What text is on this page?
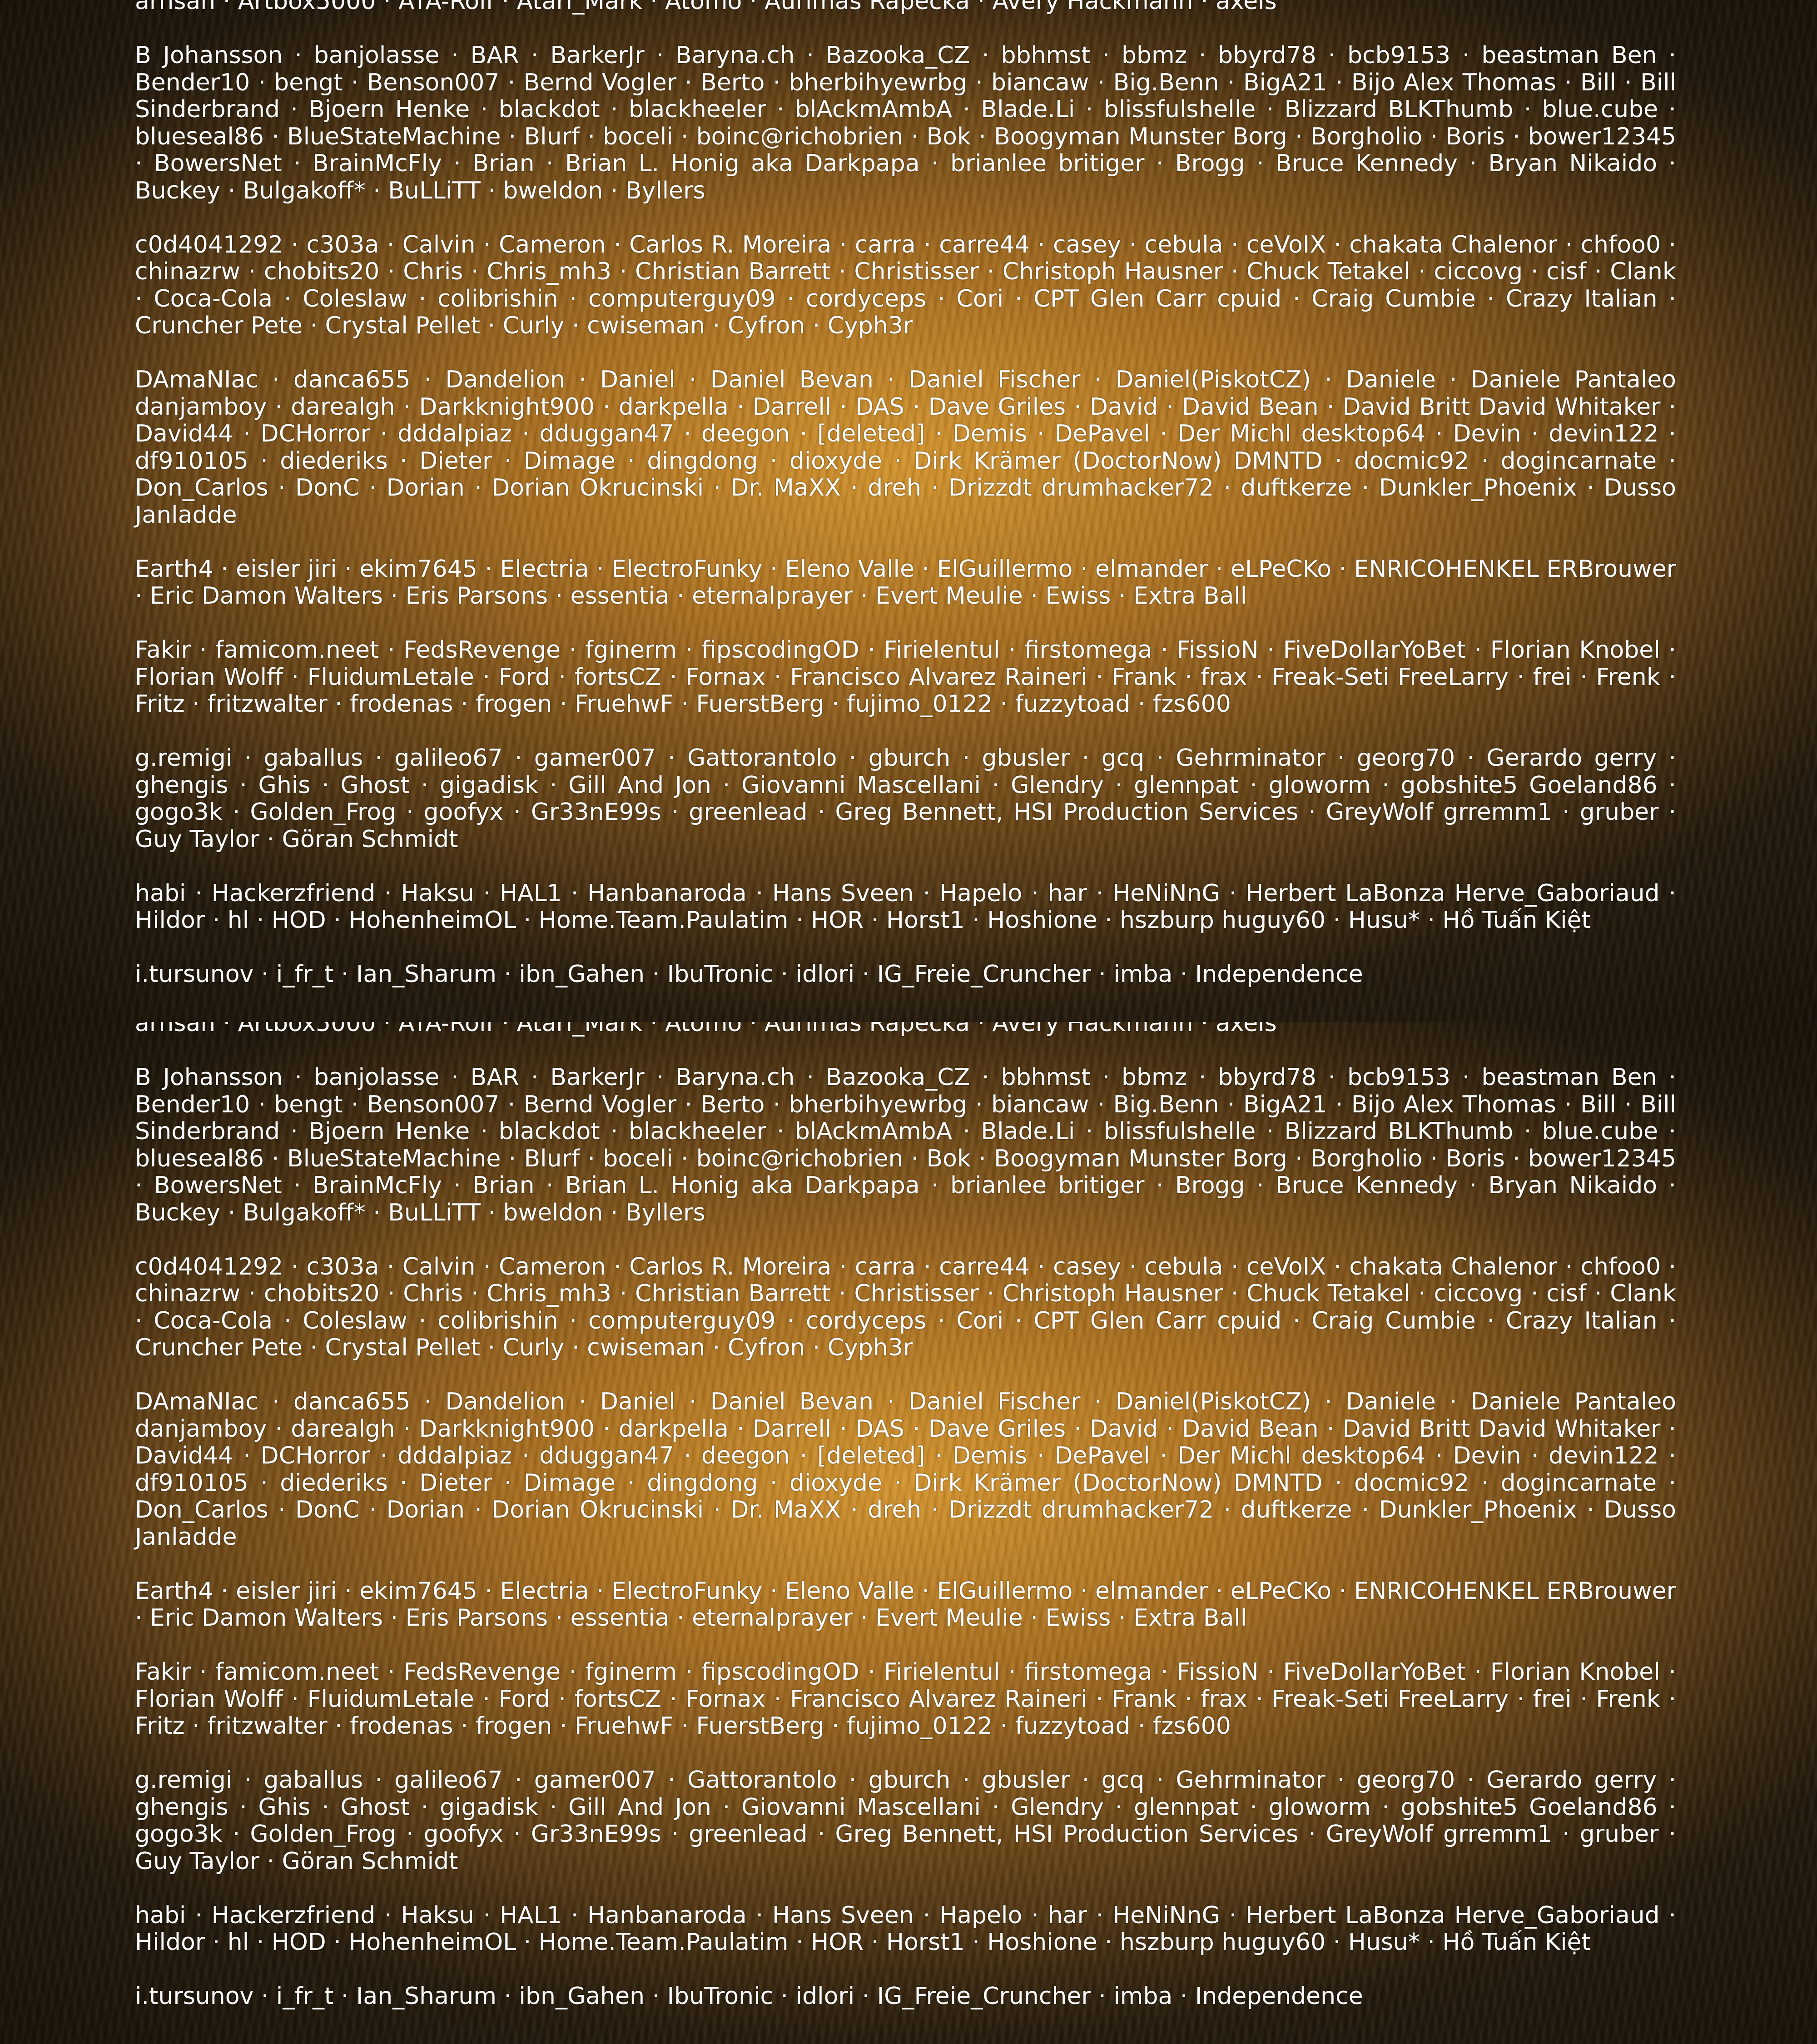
arnsan · Artbox5000 · ATA-Rolf · Atari_Mark · Atomo · Aurimas Rapecka · Avery Hackmann · axels

B Johansson · banjolasse · BAR · BarkerJr · Baryna.ch · Bazooka_CZ · bbhmst · bbmz · bbyrd78 · bcb9153 · beastman Ben · Bender10 · bengt · Benson007 · Bernd Vogler · Berto · bherbihyewrbg · biancaw · Big.Benn · BigA21 · Bijo Alex Thomas · Bill · Bill Sinderbrand · Bjoern Henke · blackdot · blackheeler · blAckmAmbA · Blade.Li · blissfulshelle · Blizzard BLKThumb · blue.cube · blueseal86 · BlueStateMachine · Blurf · boceli · boinc@richobrien · Bok · Boogyman Munster Borg · Borgholio · Boris · bower12345 · BowersNet · BrainMcFly · Brian · Brian L. Honig aka Darkpapa · brianlee britiger · Brogg · Bruce Kennedy · Bryan Nikaido · Buckey · Bulgakoff* · BuLLiTT · bweldon · Byllers

c0d4041292 · c303a · Calvin · Cameron · Carlos R. Moreira · carra · carre44 · casey · cebula · ceVoIX · chakata Chalenor · chfoo0 · chinazrw · chobits20 · Chris · Chris_mh3 · Christian Barrett · Christisser · Christoph Hausner · Chuck Tetakel · ciccovg · cisf · Clank · Coca-Cola · Coleslaw · colibrishin · computerguy09 · cordyceps · Cori · CPT Glen Carr cpuid · Craig Cumbie · Crazy Italian · Cruncher Pete · Crystal Pellet · Curly · cwiseman · Cyfron · Cyph3r

DAmaNIac · danca655 · Dandelion · Daniel · Daniel Bevan · Daniel Fischer · Daniel(PiskotCZ) · Daniele · Daniele Pantaleo danjamboy · darealgh · Darkknight900 · darkpella · Darrell · DAS · Dave Griles · David · David Bean · David Britt David Whitaker · David44 · DCHorror · dddalpiaz · dduggan47 · deegon · [deleted] · Demis · DePavel · Der Michl desktop64 · Devin · devin122 · df910105 · diederiks · Dieter · Dimage · dingdong · dioxyde · Dirk Krämer (DoctorNow) DMNTD · docmic92 · dogincarnate · Don_Carlos · DonC · Dorian · Dorian Okrucinski · Dr. MaXX · dreh · Drizzdt drumhacker72 · duftkerze · Dunkler_Phoenix · Dusso Janladde

Earth4 · eisler jiri · ekim7645 · Electria · ElectroFunky · Eleno Valle · ElGuillermo · elmander · eLPeCKo · ENRICOHENKEL ERBrouwer · Eric Damon Walters · Eris Parsons · essentia · eternalprayer · Evert Meulie · Ewiss · Extra Ball

Fakir · famicom.neet · FedsRevenge · fginerm · fipscodingOD · Firielentul · firstomega · FissioN · FiveDollarYoBet · Florian Knobel · Florian Wolff · FluidumLetale · Ford · fortsCZ · Fornax · Francisco Alvarez Raineri · Frank · frax · Freak-Seti FreeLarry · frei · Frenk · Fritz · fritzwalter · frodenas · frogen · FruehwF · FuerstBerg · fujimo_0122 · fuzzytoad · fzs600

g.remigi · gaballus · galileo67 · gamer007 · Gattorantolo · gburch · gbusler · gcq · Gehrminator · georg70 · Gerardo gerry · ghengis · Ghis · Ghost · gigadisk · Gill And Jon · Giovanni Mascellani · Glendry · glennpat · gloworm · gobshite5 Goeland86 · gogo3k · Golden_Frog · goofyx · Gr33nE99s · greenlead · Greg Bennett, HSI Production Services · GreyWolf grremm1 · gruber · Guy Taylor · Göran Schmidt

habi · Hackerzfriend · Haksu · HAL1 · Hanbanaroda · Hans Sveen · Hapelo · har · HeNiNnG · Herbert LaBonza Herve_Gaboriaud · Hildor · hl · HOD · HohenheimOL · Home.Team.Paulatim · HOR · Horst1 · Hoshione · hszburp huguy60 · Husu* · Hồ Tuấn Kiệt

i.tursunov · i_fr_t · Ian_Sharum · ibn_Gahen · IbuTronic · idlori · IG_Freie_Cruncher · imba · Independence

arnsan · Artbox5000 · ATA-Rolf · Atari_Mark · Atomo · Aurimas Rapecka · Avery Hackmann · axels

B Johansson · banjolasse · BAR · BarkerJr · Baryna.ch · Bazooka_CZ · bbhmst · bbmz · bbyrd78 · bcb9153 · beastman Ben · Bender10 · bengt · Benson007 · Bernd Vogler · Berto · bherbihyewrbg · biancaw · Big.Benn · BigA21 · Bijo Alex Thomas · Bill · Bill Sinderbrand · Bjoern Henke · blackdot · blackheeler · blAckmAmbA · Blade.Li · blissfulshelle · Blizzard BLKThumb · blue.cube · blueseal86 · BlueStateMachine · Blurf · boceli · boinc@richobrien · Bok · Boogyman Munster Borg · Borgholio · Boris · bower12345 · BowersNet · BrainMcFly · Brian · Brian L. Honig aka Darkpapa · brianlee britiger · Brogg · Bruce Kennedy · Bryan Nikaido · Buckey · Bulgakoff* · BuLLiTT · bweldon · Byllers

c0d4041292 · c303a · Calvin · Cameron · Carlos R. Moreira · carra · carre44 · casey · cebula · ceVoIX · chakata Chalenor · chfoo0 · chinazrw · chobits20 · Chris · Chris_mh3 · Christian Barrett · Christisser · Christoph Hausner · Chuck Tetakel · ciccovg · cisf · Clank · Coca-Cola · Coleslaw · colibrishin · computerguy09 · cordyceps · Cori · CPT Glen Carr cpuid · Craig Cumbie · Crazy Italian · Cruncher Pete · Crystal Pellet · Curly · cwiseman · Cyfron · Cyph3r

DAmaNIac · danca655 · Dandelion · Daniel · Daniel Bevan · Daniel Fischer · Daniel(PiskotCZ) · Daniele · Daniele Pantaleo danjamboy · darealgh · Darkknight900 · darkpella · Darrell · DAS · Dave Griles · David · David Bean · David Britt David Whitaker · David44 · DCHorror · dddalpiaz · dduggan47 · deegon · [deleted] · Demis · DePavel · Der Michl desktop64 · Devin · devin122 · df910105 · diederiks · Dieter · Dimage · dingdong · dioxyde · Dirk Krämer (DoctorNow) DMNTD · docmic92 · dogincarnate · Don_Carlos · DonC · Dorian · Dorian Okrucinski · Dr. MaXX · dreh · Drizzdt drumhacker72 · duftkerze · Dunkler_Phoenix · Dusso Janladde

Earth4 · eisler jiri · ekim7645 · Electria · ElectroFunky · Eleno Valle · ElGuillermo · elmander · eLPeCKo · ENRICOHENKEL ERBrouwer · Eric Damon Walters · Eris Parsons · essentia · eternalprayer · Evert Meulie · Ewiss · Extra Ball

Fakir · famicom.neet · FedsRevenge · fginerm · fipscodingOD · Firielentul · firstomega · FissioN · FiveDollarYoBet · Florian Knobel · Florian Wolff · FluidumLetale · Ford · fortsCZ · Fornax · Francisco Alvarez Raineri · Frank · frax · Freak-Seti FreeLarry · frei · Frenk · Fritz · fritzwalter · frodenas · frogen · FruehwF · FuerstBerg · fujimo_0122 · fuzzytoad · fzs600

g.remigi · gaballus · galileo67 · gamer007 · Gattorantolo · gburch · gbusler · gcq · Gehrminator · georg70 · Gerardo gerry · ghengis · Ghis · Ghost · gigadisk · Gill And Jon · Giovanni Mascellani · Glendry · glennpat · gloworm · gobshite5 Goeland86 · gogo3k · Golden_Frog · goofyx · Gr33nE99s · greenlead · Greg Bennett, HSI Production Services · GreyWolf grremm1 · gruber · Guy Taylor · Göran Schmidt

habi · Hackerzfriend · Haksu · HAL1 · Hanbanaroda · Hans Sveen · Hapelo · har · HeNiNnG · Herbert LaBonza Herve_Gaboriaud · Hildor · hl · HOD · HohenheimOL · Home.Team.Paulatim · HOR · Horst1 · Hoshione · hszburp huguy60 · Husu* · Hồ Tuấn Kiệt

i.tursunov · i_fr_t · Ian_Sharum · ibn_Gahen · IbuTronic · idlori · IG_Freie_Cruncher · imba · Independence
